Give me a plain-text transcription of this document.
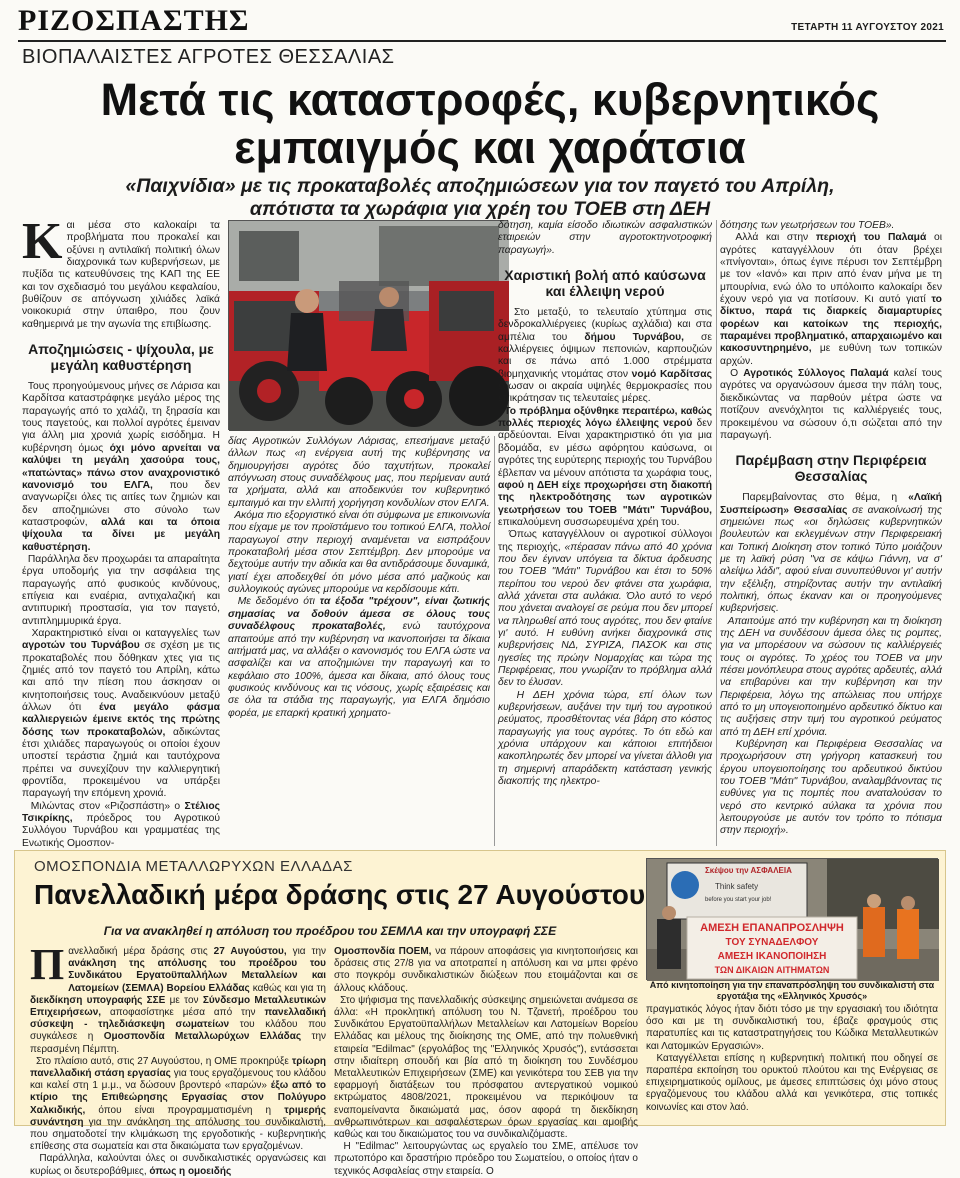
ΡΙΖΟΣΠΑΣΤΗΣ	ΤΕΤΑΡΤΗ 11 ΑΥΓΟΥΣΤΟΥ 2021
ΒΙΟΠΑΛΑΙΣΤΕΣ ΑΓΡΟΤΕΣ ΘΕΣΣΑΛΙΑΣ
Μετά τις καταστροφές, κυβερνητικός
εμπαιγμός και χαράτσια
«Παιχνίδια» με τις προκαταβολές αποζημιώσεων για τον παγετό του Απρίλη,
απότιστα τα χωράφια για χρέη του ΤΟΕΒ στη ΔΕΗ

Και μέσα στο καλοκαίρι τα προβλήματα που προκαλεί και οξύνει η αντιλαϊκή πολιτική όλων διαχρονικά των κυβερνήσεων, με πυξίδα τις κατευθύνσεις της ΚΑΠ της ΕΕ και τον σχεδιασμό του μεγάλου κεφαλαίου, βυθίζουν σε απόγνωση χιλιάδες λαϊκά νοικοκυριά στην ύπαιθρο, που ζουν καθημερινά με την αγωνία της επιβίωσης.

Αποζημιώσεις - ψίχουλα, με μεγάλη καθυστέρηση

Τους προηγούμενους μήνες σε Λάρισα και Καρδίτσα καταστράφηκε μεγάλο μέρος της παραγωγής από το χαλάζι, τη ξηρασία και τους παγετούς, και πολλοί αγρότες έμειναν για άλλη μια χρονιά χωρίς εισόδημα. Η κυβέρνηση όμως όχι μόνο αρνείται να καλύψει τη μεγάλη χασούρα τους, «πατώντας» πάνω στον αναχρονιστικό κανονισμό του ΕΛΓΑ, που δεν αναγνωρίζει όλες τις αιτίες των ζημιών και δεν αποζημιώνει στο σύνολο των καταστροφών, αλλά και τα όποια ψίχουλα τα δίνει με μεγάλη καθυστέρηση.

Παράλληλα δεν προχωράει τα απαραίτητα έργα υποδομής για την ασφάλεια της παραγωγής από φυσικούς κινδύνους, επίγεια και εναέρια, αντιχαλαζική και αντιπυρική προστασία, για τον παγετό, αντιπλημμυρικά έργα.

Χαρακτηριστικό είναι οι καταγγελίες των αγροτών του Τυρνάβου σε σχέση με τις προκαταβολές που δόθηκαν χτες για τις ζημιές από τον παγετό του Απρίλη, κάτω και από την πίεση που άσκησαν οι κινητοποιήσεις τους. Αναδεικνύουν μεταξύ άλλων ότι ένα μεγάλο φάσμα καλλιεργειών έμεινε εκτός της πρώτης δόσης των προκαταβολών, αδικώντας έτσι χιλιάδες παραγωγούς οι οποίοι έχουν υποστεί τεράστια ζημιά και ταυτόχρονα πρέπει να συνεχίζουν την καλλιεργητική φροντίδα, προκειμένου να υπάρξει παραγωγή την επόμενη χρονιά.

Μιλώντας στον «Ριζοσπάστη» ο Στέλιος Τσικρίκης, πρόεδρος του Αγροτικού Συλλόγου Τυρνάβου και γραμματέας της Ενωτικής Ομοσπον-

δίας Αγροτικών Συλλόγων Λάρισας, επεσήμανε μεταξύ άλλων πως «η ενέργεια αυτή της κυβέρνησης να δημιουργήσει αγρότες δύο ταχυτήτων, προκαλεί απόγνωση στους συναδέλφους μας, που περίμεναν αυτά τα χρήματα, αλλά και αποδεικνύει τον κυβερνητικό εμπαιγμό και την ελλιπή χορήγηση κονδυλίων στον ΕΛΓΑ.

Ακόμα πιο εξοργιστικό είναι ότι σύμφωνα με επικοινωνία που είχαμε με τον προϊστάμενο του τοπικού ΕΛΓΑ, πολλοί παραγωγοί στην περιοχή αναμένεται να εισπράξουν προκαταβολή μέσα στον Σεπτέμβρη. Δεν μπορούμε να δεχτούμε αυτήν την αδικία και θα αντιδράσουμε δυναμικά, γιατί έχει αποδειχθεί ότι μόνο μέσα από μαζικούς και συλλογικούς αγώνες μπορούμε να κερδίσουμε κάτι.

Με δεδομένο ότι τα έξοδα "τρέχουν", είναι ζωτικής σημασίας να δοθούν άμεσα σε όλους τους συναδέλφους προκαταβολές, ενώ ταυτόχρονα απαιτούμε από την κυβέρνηση να ικανοποιήσει τα δίκαια αιτήματά μας, να αλλάξει ο κανονισμός του ΕΛΓΑ ώστε να ασφαλίζει και να αποζημιώνει την παραγωγή και το κεφάλαιο στο 100%, άμεσα και δίκαια, από όλους τους φυσικούς κινδύνους και τις νόσους, χωρίς εξαιρέσεις και σε όλα τα στάδια της παραγωγής, για ΕΛΓΑ δημόσιο φορέα, με επαρκή κρατική χρηματο-

δότηση, καμία είσοδο ιδιωτικών ασφαλιστικών εταιρειών στην αγροτοκτηνοτροφική παραγωγή».

Χαριστική βολή από καύσωνα και έλλειψη νερού

Στο μεταξύ, το τελευταίο χτύπημα στις δενδροκαλλιέργειες (κυρίως αχλάδια) και στα αμπέλια του δήμου Τυρνάβου, σε καλλιέργειες όψιμων πεπονιών, καρπουζιών και σε πάνω από 1.000 στρέμματα βιομηχανικής ντομάτας στον νομό Καρδίτσας έδωσαν οι ακραία υψηλές θερμοκρασίες που επικράτησαν τις τελευταίες μέρες.

Το πρόβλημα οξύνθηκε περαιτέρω, καθώς πολλές περιοχές λόγω έλλειψης νερού δεν αρδεύονται. Είναι χαρακτηριστικό ότι για μια βδομάδα, εν μέσω αφόρητου καύσωνα, οι αγρότες της ευρύτερης περιοχής του Τυρνάβου έβλεπαν να μένουν απότιστα τα χωράφια τους, αφού η ΔΕΗ είχε προχωρήσει στη διακοπή της ηλεκτροδότησης των αγροτικών γεωτρήσεων του ΤΟΕΒ "Μάτι" Τυρνάβου, επικαλούμενη συσσωρευμένα χρέη του.

Όπως καταγγέλλουν οι αγροτικοί σύλλογοι της περιοχής, «πέρασαν πάνω από 40 χρόνια που δεν έγιναν υπόγεια τα δίκτυα άρδευσης του ΤΟΕΒ "Μάτι" Τυρνάβου και έτσι το 50% περίπου του νερού δεν φτάνει στα χωράφια, αλλά χάνεται στα αυλάκια. Όλο αυτό το νερό που χάνεται αναλογεί σε ρεύμα που δεν μπορεί να πληρωθεί από τους αγρότες, που δεν φταίνε γι' αυτό. Η ευθύνη ανήκει διαχρονικά στις κυβερνήσεις ΝΔ, ΣΥΡΙΖΑ, ΠΑΣΟΚ και στις ηγεσίες της πρώην Νομαρχίας και τώρα της Περιφέρειας, που γνωρίζαν το πρόβλημα αλλά δεν το έλυσαν.

Η ΔΕΗ χρόνια τώρα, επί όλων των κυβερνήσεων, αυξάνει την τιμή του αγροτικού ρεύματος, προσθέτοντας νέα βάρη στο κόστος παραγωγής για τους αγρότες. Το ότι εδώ και χρόνια υπάρχουν και κάποιοι επιτήδειοι κακοπληρωτές δεν μπορεί να γίνεται άλλοθι για τη σημερινή απαράδεκτη κατάσταση γενικής διακοπής της ηλεκτρο-

δότησης των γεωτρήσεων του ΤΟΕΒ».

Αλλά και στην περιοχή του Παλαμά οι αγρότες καταγγέλλουν ότι όταν βρέχει «πνίγονται», όπως έγινε πέρυσι τον Σεπτέμβρη με τον «Ιανό» και πριν από έναν μήνα με τη μπουρίνια, ενώ όλο το υπόλοιπο καλοκαίρι δεν έχουν νερό για να ποτίσουν. Κι αυτό γιατί το δίκτυο, παρά τις διαρκείς διαμαρτυρίες φορέων και κατοίκων της περιοχής, παραμένει προβληματικό, απαρχαιωμένο και κακοσυντηρημένο, με ευθύνη των τοπικών αρχών.

Ο Αγροτικός Σύλλογος Παλαμά καλεί τους αγρότες να οργανώσουν άμεσα την πάλη τους, διεκδικώντας να παρθούν μέτρα ώστε να ποτίζουν ανενόχλητοι τις καλλιέργειές τους, προκειμένου να σώσουν ό,τι σώζεται από την παραγωγή.

Παρέμβαση στην Περιφέρεια Θεσσαλίας

Παρεμβαίνοντας στο θέμα, η «Λαϊκή Συσπείρωση» Θεσσαλίας σε ανακοίνωσή της σημειώνει πως «οι δηλώσεις κυβερνητικών βουλευτών και εκλεγμένων στην Περιφερειακή και Τοπική Διοίκηση στον τοπικό Τύπο μοιάζουν με τη λαϊκή ρύση "να σε κάψω Γιάννη, να σ' αλείψω λάδι", αφού είναι συνυπεύθυνοι γι' αυτήν την εξέλιξη, στηρίζοντας αυτήν την αντιλαϊκή πολιτική, όπως έκαναν και οι προηγούμενες κυβερνήσεις.

Απαιτούμε από την κυβέρνηση και τη διοίκηση της ΔΕΗ να συνδέσουν άμεσα όλες τις ρομπες, για να μπορέσουν να σώσουν τις καλλιέργειές τους οι αγρότες. Το χρέος του ΤΟΕΒ να μην πέσει μονόπλευρα στους αγρότες αρδευτές, αλλά να επιβαρύνει και την κυβέρνηση και την Περιφέρεια, λόγω της απώλειας που υπήρχε από το μη υπογειοποιημένο αρδευτικό δίκτυο και τις αυξήσεις στην τιμή του αγροτικού ρεύματος από τη ΔΕΗ επί χρόνια.

Κυβέρνηση και Περιφέρεια Θεσσαλίας να προχωρήσουν στη γρήγορη κατασκευή του έργου υπογειοποίησης του αρδευτικού δικτύου του ΤΟΕΒ "Μάτι" Τυρνάβου, αναλαμβάνοντας τις ευθύνες για τις πομπές που αναταλούσαν το νερό στο κεντρικό αύλακα τα χρόνια που λειτουργούσε με αυτόν τον τρόπο το πότισμα στην περιοχή».

ΟΜΟΣΠΟΝΔΙΑ ΜΕΤΑΛΛΩΡΥΧΩΝ ΕΛΛΑΔΑΣ
Πανελλαδική μέρα δράσης στις 27 Αυγούστου
Για να ανακληθεί η απόλυση του προέδρου του ΣΕΜΛΑ και την υπογραφή ΣΣΕ

Πανελλαδική μέρα δράσης στις 27 Αυγούστου, για την ανάκληση της απόλυσης του προέδρου του Συνδικάτου Εργατοϋπαλλήλων Μεταλλείων και Λατομείων (ΣΕΜΛΑ) Βορείου Ελλάδας καθώς και για τη διεκδίκηση υπογραφής ΣΣΕ με τον Σύνδεσμο Μεταλλευτικών Επιχειρήσεων, αποφασίστηκε μέσα από την πανελλαδική σύσκεψη - τηλεδιάσκεψη σωματείων του κλάδου που συγκάλεσε η Ομοσπονδία Μεταλλωρύχων Ελλάδας την περασμένη Πέμπτη.

Στο πλαίσιο αυτό, στις 27 Αυγούστου, η ΟΜΕ προκηρύξε τρίωρη πανελλαδική στάση εργασίας για τους εργαζόμενους του κλάδου και καλεί στη 1 μ.μ., να δώσουν βροντερό «παρών» έξω από το κτίριο της Επιθεώρησης Εργασίας στον Πολύγυρο Χαλκιδικής, όπου είναι προγραμματισμένη η τριμερής συνάντηση για την ανάκληση της απόλυσης του συνδικαλιστή, που σηματοδοτεί την κλιμάκωση της εργοδοτικής - κυβερνητικής επίθεσης στα σωματεία και στα δικαιώματα των εργαζομένων.

Παράλληλα, καλούνται όλες οι συνδικαλιστικές οργανώσεις και κυρίως οι δευτεροβάθμιες, όπως η ομοειδής

Ομοσπονδία ΠΟΕΜ, να πάρουν αποφάσεις για κινητοποιήσεις και δράσεις στις 27/8 για να αποτραπεί η απόλυση και να μπει φρένο στο πογκρόμ συνδικαλιστικών διώξεων που ετοιμάζονται και σε άλλους κλάδους.

Στο ψήφισμα της πανελλαδικής σύσκεψης σημειώνεται ανάμεσα σε άλλα: «Η προκλητική απόλυση του Ν. Τζανετή, προέδρου του Συνδικάτου Εργατοϋπαλλήλων Μεταλλείων και Λατομείων Βορείου Ελλάδας και μέλους της διοίκησης της ΟΜΕ, από την πολυεθνική εταιρεία "Edilmac" (εργολάβος της "Ελληνικός Χρυσός"), εντάσσεται στην ιδιαίτερη σπουδή και βία από τη διοίκηση του Συνδέσμου Μεταλλευτικών Επιχειρήσεων (ΣΜΕ) και γενικότερα του ΣΕΒ για την εφαρμογή διατάξεων του πρόσφατου αντεργατικού νομικού εκτρώματος 4808/2021, προκειμένου να περικόψουν τα εναπομείναντα δικαιώματά μας, όσον αφορά τη διεκδίκηση ανθρωπινότερων και ασφαλέστερων όρων εργασίας και αμοιβής καθώς και του δικαιώματος του να συνδικαλιζόμαστε.

Η "Edilmac" λειτουργώντας ως εργαλείο του ΣΜΕ, απέλυσε τον πρωτοπόρο και δραστήριο πρόεδρο του Σωματείου, ο οποίος ήταν ο τεχνικός Ασφαλείας στην εταιρεία. Ο

Σκέψου την ΑΣΦΑΛΕΙΑ
Think safety
before you start your job!
ΑΜΕΣΗ ΕΠΑΝΑΠΡΟΣΛΗΨΗ
ΤΟΥ ΣΥΝΑΔΕΛΦΟΥ
ΑΜΕΣΗ ΙΚΑΝΟΠΟΙΗΣΗ
ΤΩΝ ΔΙΚΑΙΩΝ ΑΙΤΗΜΑΤΩΝ
Από κινητοποίηση για την επαναπρόσληψη του συνδικαλιστή στα εργοτάξια της «Ελληνικός Χρυσός»

πραγματικός λόγος ήταν διότι τόσο με την εργασιακή του ιδιότητα όσο και με τη συνδικαλιστική του, έβαζε φραγμούς στις παρατυπίες και τις καταστρατηγήσεις του Κώδικα Μεταλλευτικών και Λατομικών Εργασιών».

Καταγγέλλεται επίσης η κυβερνητική πολιτική που οδηγεί σε παραπέρα εκποίηση του ορυκτού πλούτου και της Ενέργειας σε επιχειρηματικούς ομίλους, με άμεσες επιπτώσεις όχι μόνο στους εργαζόμενους του κλάδου αλλά και γενικότερα, στις τοπικές κοινωνίες και στον λαό.
